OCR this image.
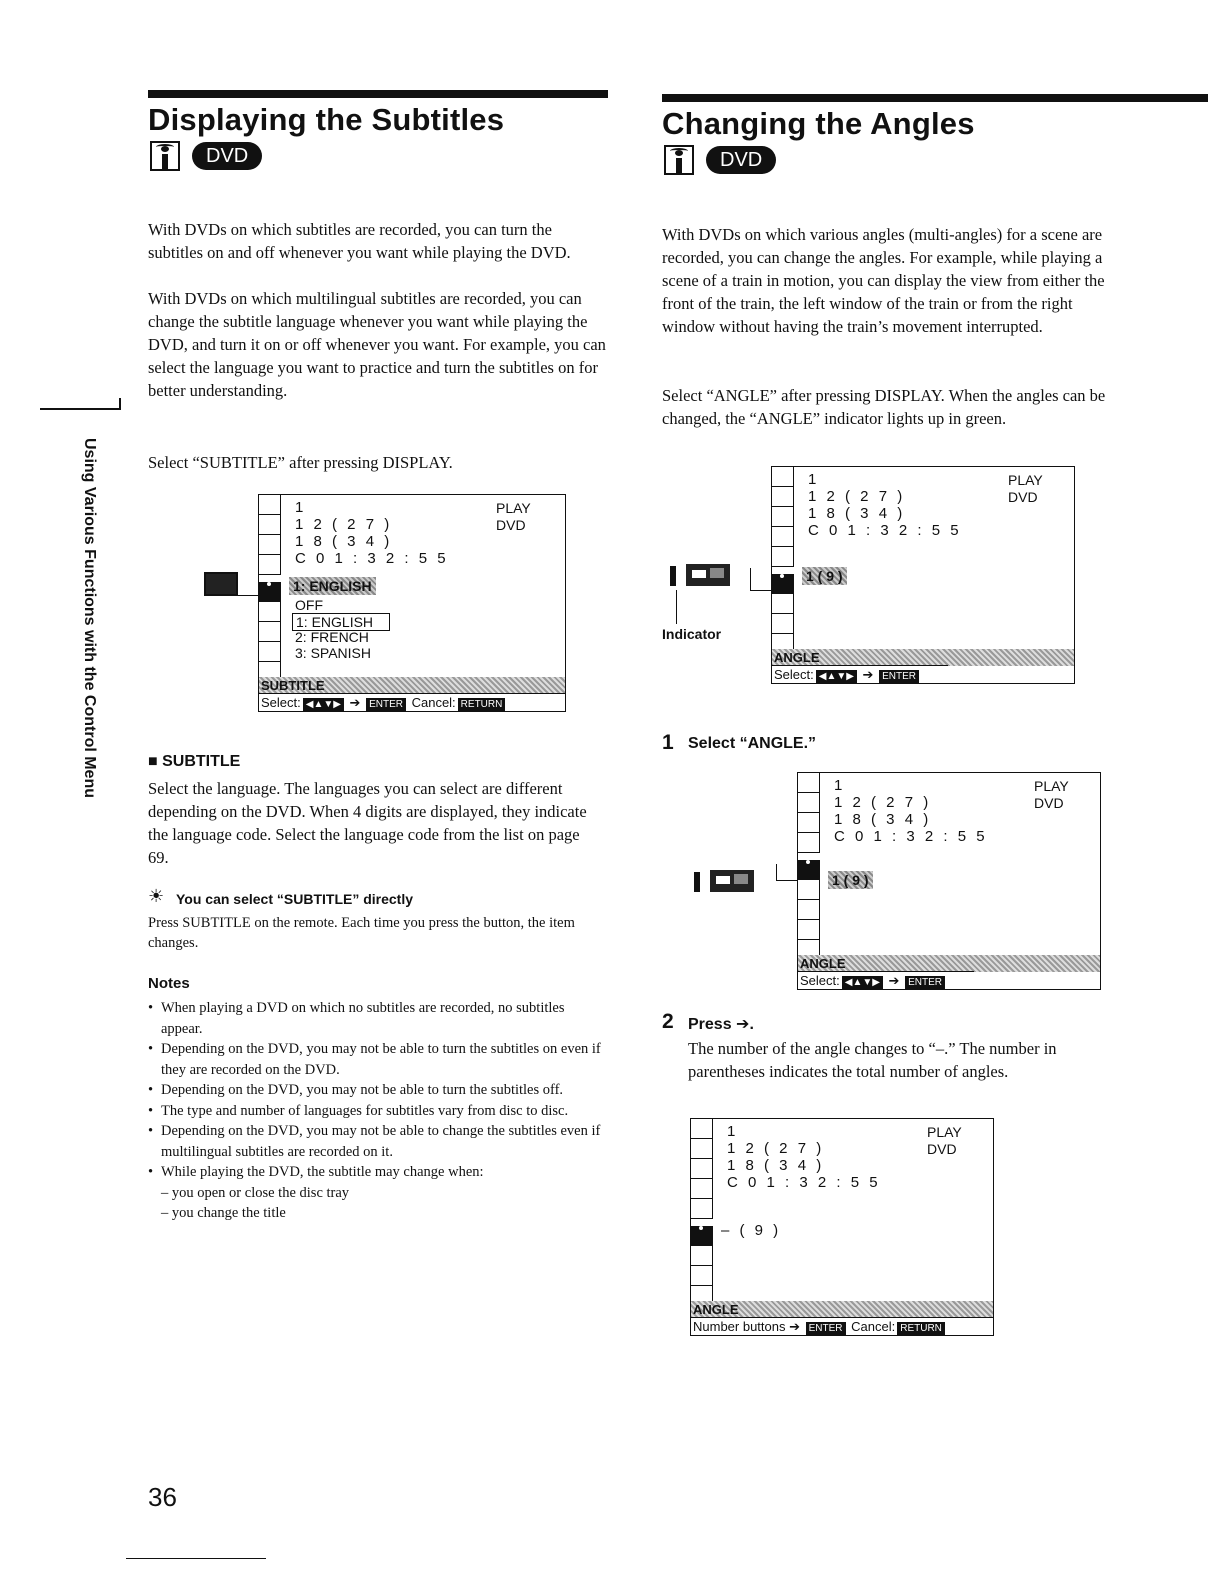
Using Various Functions with the Control Menu
Displaying the Subtitles
DVD

With DVDs on which subtitles are recorded, you can turn the subtitles on and off whenever you want while playing the DVD.

With DVDs on which multilingual subtitles are recorded, you can change the subtitle language whenever you want while playing the DVD, and turn it on or off whenever you want. For example, you can select the language you want to practice and turn the subtitles on for better understanding.

Select “SUBTITLE” after pressing DISPLAY.

1
1 2 ( 2 7 )
1 8 ( 3 4 )
C 0 1 : 3 2 : 5 5
PLAY
DVD
1: ENGLISH
OFF
1: ENGLISH
2: FRENCH
3: SPANISH
SUBTITLE
Select: ◀▲▼▶ ➔ ENTER Cancel: RETURN
■ SUBTITLE

Select the language. The languages you can select are different depending on the DVD. When 4 digits are displayed, they indicate the language code. Select the language code from the list on page 69.

☀ You can select “SUBTITLE” directly

Press SUBTITLE on the remote. Each time you press the button, the item changes.

Notes
• When playing a DVD on which no subtitles are recorded, no subtitles appear.
• Depending on the DVD, you may not be able to turn the subtitles on even if they are recorded on the DVD.
• Depending on the DVD, you may not be able to turn the subtitles off.
• The type and number of languages for subtitles vary from disc to disc.
• Depending on the DVD, you may not be able to change the subtitles even if multilingual subtitles are recorded on it.
• While playing the DVD, the subtitle may change when:
– you open or close the disc tray
– you change the title
Changing the Angles
DVD

With DVDs on which various angles (multi-angles) for a scene are recorded, you can change the angles. For example, while playing a scene of a train in motion, you can display the view from either the front of the train, the left window of the train or from the right window without having the train’s movement interrupted.

Select “ANGLE” after pressing DISPLAY. When the angles can be changed, the “ANGLE” indicator lights up in green.

Indicator
1
1 2 ( 2 7 )
1 8 ( 3 4 )
C 0 1 : 3 2 : 5 5
PLAY
DVD
1 ( 9 )
ANGLE
Select: ◀▲▼▶ ➔ ENTER
1 Select “ANGLE.”
1
1 2 ( 2 7 )
1 8 ( 3 4 )
C 0 1 : 3 2 : 5 5
PLAY
DVD
1 ( 9 )
ANGLE
Select: ◀▲▼▶ ➔ ENTER
2 Press ➔.

The number of the angle changes to “–.” The number in parentheses indicates the total number of angles.

1
1 2 ( 2 7 )
1 8 ( 3 4 )
C 0 1 : 3 2 : 5 5
PLAY
DVD
– ( 9 )
ANGLE
Number buttons ➔ ENTER Cancel: RETURN
36
